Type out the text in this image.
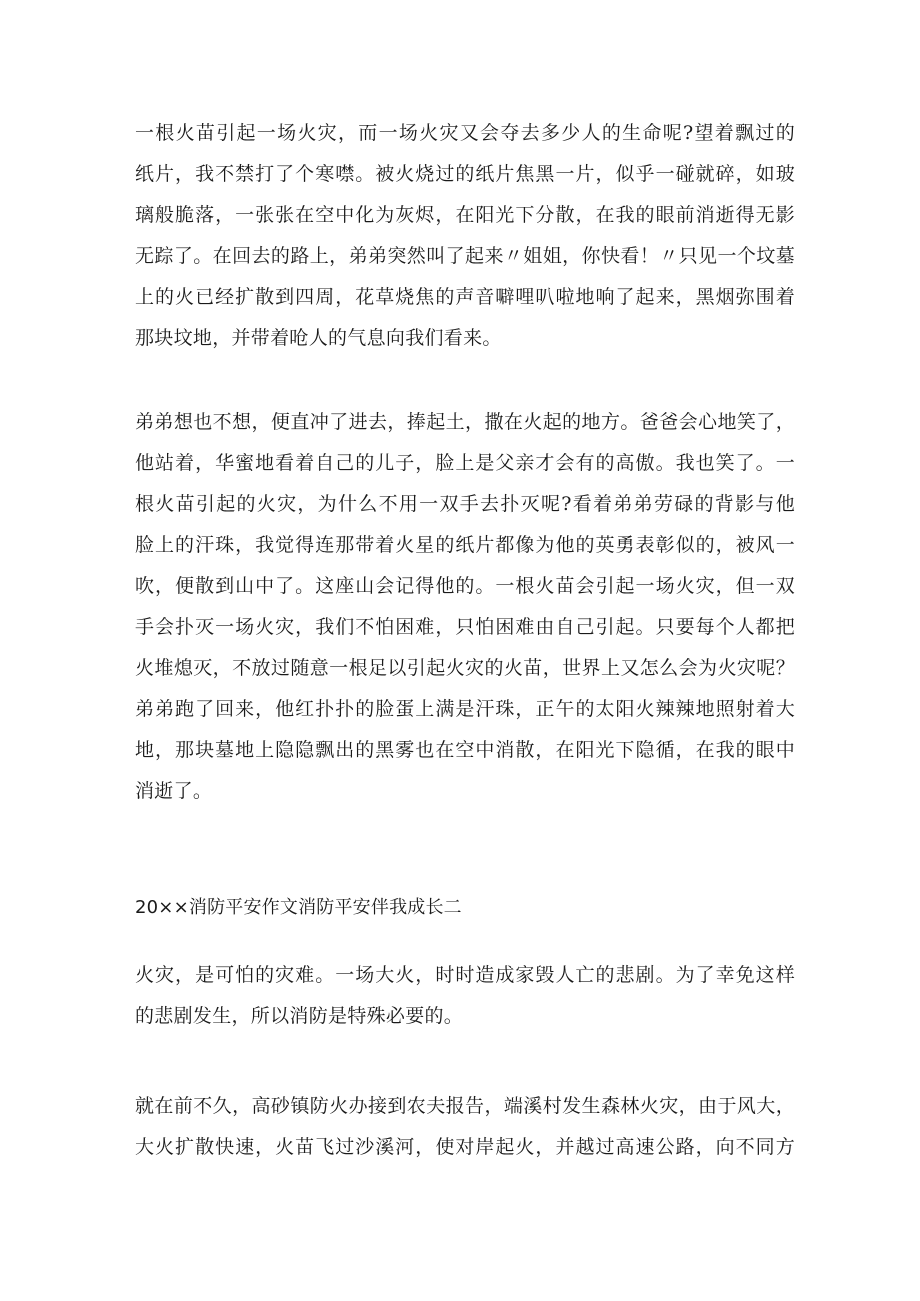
一根火苗引起一场火灾，而一场火灾又会夺去多少人的生命呢?望着飘过的
纸片，我不禁打了个寒噤。被火烧过的纸片焦黑一片，似乎一碰就碎，如玻
璃般脆落，一张张在空中化为灰烬，在阳光下分散，在我的眼前消逝得无影
无踪了。在回去的路上，弟弟突然叫了起来〃姐姐，你快看！〃只见一个坟墓
上的火已经扩散到四周，花草烧焦的声音噼哩叭啦地响了起来，黑烟弥围着
那块坟地，并带着呛人的气息向我们看来。
弟弟想也不想，便直冲了进去，捧起土，撒在火起的地方。爸爸会心地笑了，
他站着，华蜜地看着自己的儿子，脸上是父亲才会有的高傲。我也笑了。一
根火苗引起的火灾，为什么不用一双手去扑灭呢?看着弟弟劳碌的背影与他
脸上的汗珠，我觉得连那带着火星的纸片都像为他的英勇表彰似的，被风一
吹，便散到山中了。这座山会记得他的。一根火苗会引起一场火灾，但一双
手会扑灭一场火灾，我们不怕困难，只怕困难由自己引起。只要每个人都把
火堆熄灭，不放过随意一根足以引起火灾的火苗，世界上又怎么会为火灾呢？
弟弟跑了回来，他红扑扑的脸蛋上满是汗珠，正午的太阳火辣辣地照射着大
地，那块墓地上隐隐飘出的黑雾也在空中消散，在阳光下隐循，在我的眼中
消逝了。
20××消防平安作文消防平安伴我成长二
火灾，是可怕的灾难。一场大火，时时造成家毁人亡的悲剧。为了幸免这样
的悲剧发生，所以消防是特殊必要的。
就在前不久，高砂镇防火办接到农夫报告，端溪村发生森林火灾，由于风大，
大火扩散快速，火苗飞过沙溪河，使对岸起火，并越过高速公路，向不同方
